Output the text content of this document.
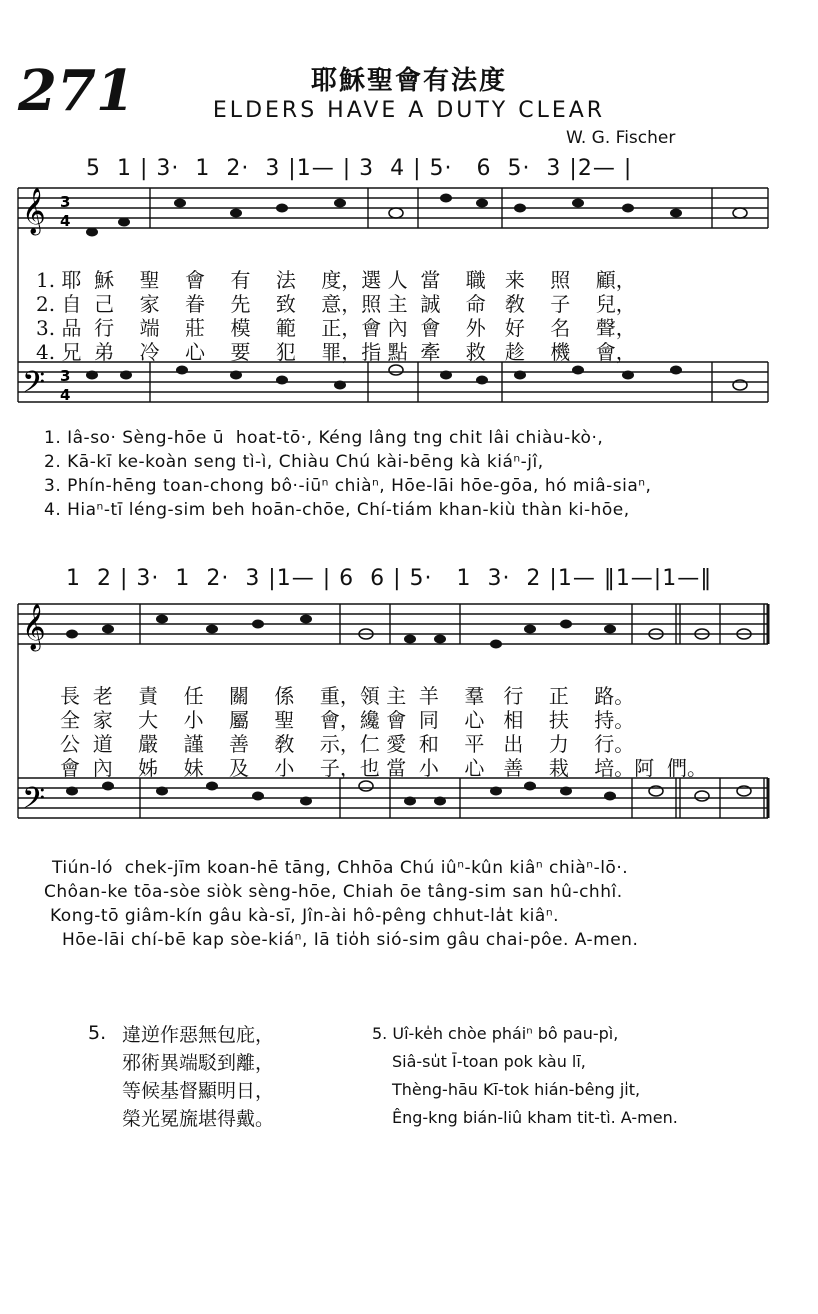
271	耶穌聖會有法度
ELDERS HAVE A DUTY CLEAR
W. G. Fischer
5  1 | 3·  1  2·  3 |1— | 3  4 | 5·   6  5·  3 |2— |
𝄞
𝄢
3
4
3
4
1. 耶  穌    聖    會    有    法    度，選 人  當    職   来    照    顧，
2. 自  己    家    眷    先    致    意，照 主  誠    命   敎    子    兒，
3. 品  行    端    莊    模    範    正，會 內  會    外   好    名    聲，
4. 兄  弟    冷    心    要    犯    罪，指 點  牽    救   趁    機    會，
1. Iâ-so· Sèng-hōe ū  hoat-tō·, Kéng lâng tng chit lâi chiàu-kò·,
2. Kā-kī ke-koàn seng tì-ì, Chiàu Chú kài-bēng kà kiáⁿ-jî,
3. Phín-hēng toan-chong bô·-iūⁿ chiàⁿ, Hōe-lāi hōe-gōa, hó miâ-siaⁿ,
4. Hiaⁿ-tī léng-sim beh hoān-chōe, Chí-tiám khan-kiù thàn ki-hōe,
1  2 | 3·  1  2·  3 |1— | 6  6 | 5·   1  3·  2 |1— ‖1—|1—‖
𝄞
𝄢
長  老    責    任    關    係    重，領 主  羊    羣   行    正    路。
全  家    大    小    屬    聖    會，纔 會  同    心   相    扶    持。
公  道    嚴    謹    善    敎    示，仁 愛  和    平   出    力    行。
會  內    姊    妹    及    小    子，也 當  小    心   善    栽    培。阿  們。
Tiún-ló  chek-jīm koan-hē tāng, Chhōa Chú iûⁿ-kûn kiâⁿ chiàⁿ-lō·.
Chôan-ke tōa-sòe siòk sèng-hōe, Chiah ōe tâng-sim san hû-chhî.
Kong-tō giâm-kín gâu kà-sī, Jîn-ài hô-pêng chhut-la̍t kiâⁿ.
Hōe-lāi chí-bē kap sòe-kiáⁿ, Iā tio̍h sió-sim gâu chai-pôe. A-men.
5. 違逆作惡無包庇，
邪術異端駁到離，
等候基督顯明日，
榮光冕旒堪得戴。
5. Uî-ke̍h chòe pháiⁿ bô pau-pì,
Siâ-su̍t Ī-toan pok kàu lī,
Thèng-hāu Kī-tok hián-bêng ji̍t,
Êng-kng bián-liû kham tit-tì. A-men.
